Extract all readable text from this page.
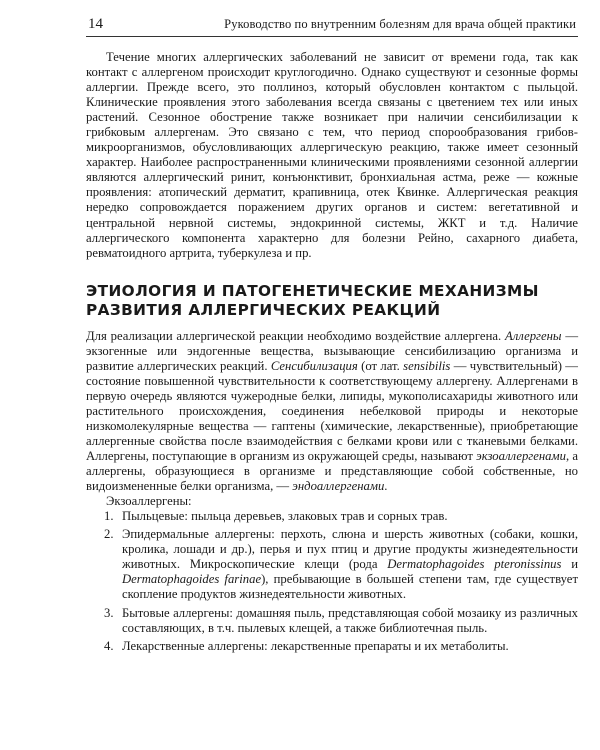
14	Руководство по внутренним болезням для врача общей практики

Течение многих аллергических заболеваний не зависит от времени года, так как контакт с аллергеном происходит круглогодично. Однако существуют и сезонные формы аллергии. Прежде всего, это поллиноз, который обусловлен контактом с пыльцой. Клинические проявления этого заболевания всегда связаны с цветением тех или иных растений. Сезонное обострение также возникает при наличии сенсибилизации к грибковым аллергенам. Это связано с тем, что период спорообразования грибов-микроорганизмов, обусловливающих аллергическую реакцию, также имеет сезонный характер. Наиболее распространенными клиническими проявлениями сезонной аллергии являются аллергический ринит, конъюнктивит, бронхиальная астма, реже — кожные проявления: атопический дерматит, крапивница, отек Квинке. Аллергическая реакция нередко сопровождается поражением других органов и систем: вегетативной и центральной нервной системы, эндокринной системы, ЖКТ и т.д. Наличие аллергического компонента характерно для болезни Рейно, сахарного диабета, ревматоидного артрита, туберкулеза и пр.

ЭТИОЛОГИЯ И ПАТОГЕНЕТИЧЕСКИЕ МЕХАНИЗМЫ
РАЗВИТИЯ АЛЛЕРГИЧЕСКИХ РЕАКЦИЙ

Для реализации аллергической реакции необходимо воздействие аллергена. Аллергены — экзогенные или эндогенные вещества, вызывающие сенсибилизацию организма и развитие аллергических реакций. Сенсибилизация (от лат. sensibilis — чувствительный) — состояние повышенной чувствительности к соответствующему аллергену. Аллергенами в первую очередь являются чужеродные белки, липиды, мукополисахариды животного или растительного происхождения, соединения небелковой природы и некоторые низкомолекулярные вещества — гаптены (химические, лекарственные), приобретающие аллергенные свойства после взаимодействия с белками крови или с тканевыми белками. Аллергены, поступающие в организм из окружающей среды, называют экзоаллергенами, а аллергены, образующиеся в организме и представляющие собой собственные, но видоизмененные белки организма, — эндоаллергенами.

Экзоаллергены:

1. Пыльцевые: пыльца деревьев, злаковых трав и сорных трав.
2. Эпидермальные аллергены: перхоть, слюна и шерсть животных (собаки, кошки, кролика, лошади и др.), перья и пух птиц и другие продукты жизнедеятельности животных. Микроскопические клещи (рода Dermatophagoides pteronissinus и Dermatophagoides farinae), пребывающие в большей степени там, где существует скопление продуктов жизнедеятельности животных.
3. Бытовые аллергены: домашняя пыль, представляющая собой мозаику из различных составляющих, в т.ч. пылевых клещей, а также библиотечная пыль.
4. Лекарственные аллергены: лекарственные препараты и их метаболиты.
